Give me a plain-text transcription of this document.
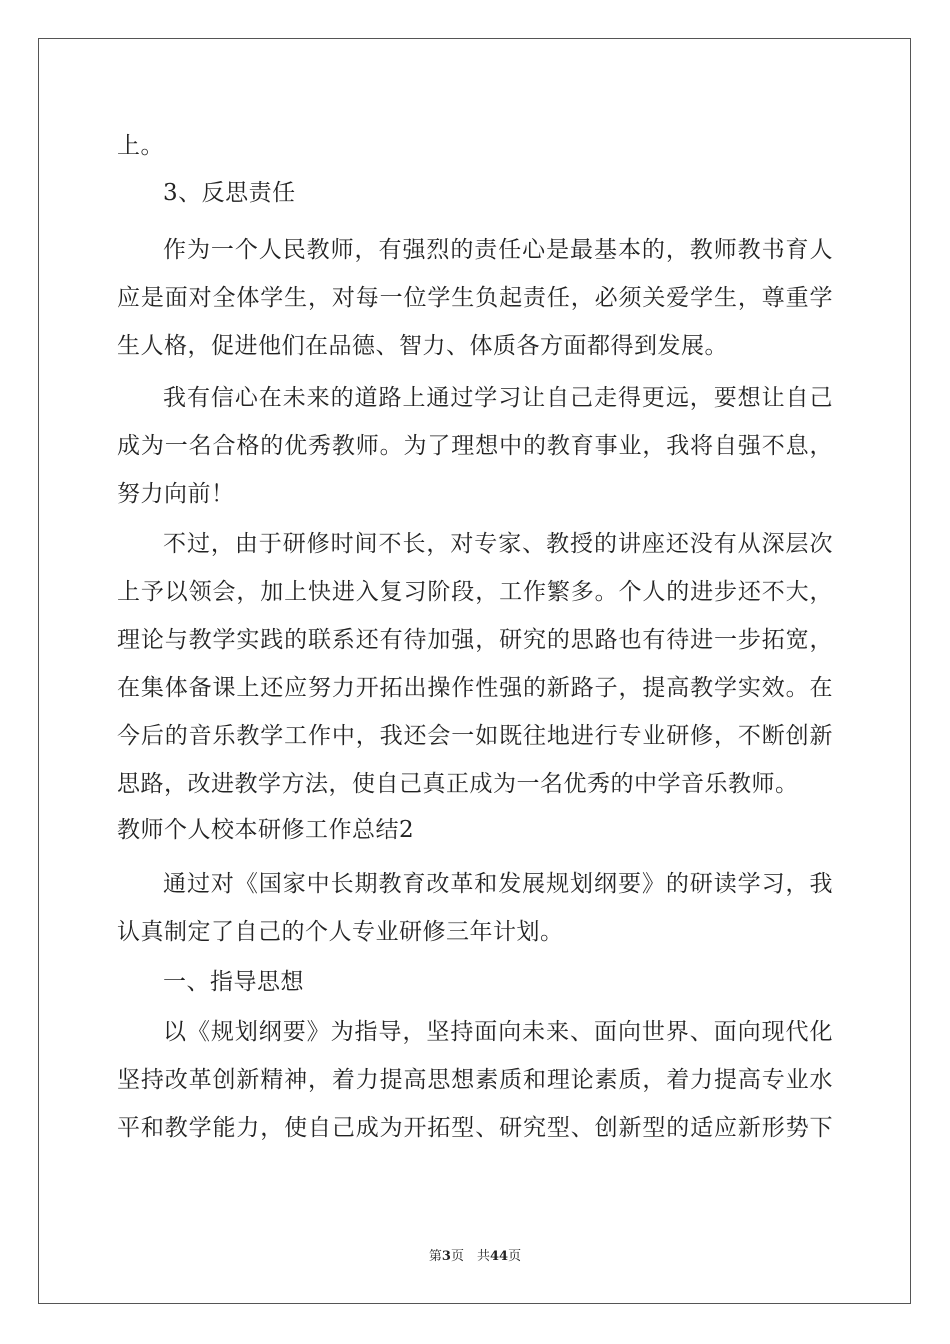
上。
3、反思责任
作为一个人民教师，有强烈的责任心是最基本的，教师教书育人
应是面对全体学生，对每一位学生负起责任，必须关爱学生，尊重学
生人格，促进他们在品德、智力、体质各方面都得到发展。
我有信心在未来的道路上通过学习让自己走得更远，要想让自己
成为一名合格的优秀教师。为了理想中的教育事业，我将自强不息，
努力向前！
不过，由于研修时间不长，对专家、教授的讲座还没有从深层次
上予以领会，加上快进入复习阶段，工作繁多。个人的进步还不大，
理论与教学实践的联系还有待加强，研究的思路也有待进一步拓宽，
在集体备课上还应努力开拓出操作性强的新路子，提高教学实效。在
今后的音乐教学工作中，我还会一如既往地进行专业研修，不断创新
思路，改进教学方法，使自己真正成为一名优秀的中学音乐教师。
教师个人校本研修工作总结2
通过对《国家中长期教育改革和发展规划纲要》的研读学习，我
认真制定了自己的个人专业研修三年计划。
一、指导思想
以《规划纲要》为指导，坚持面向未来、面向世界、面向现代化
坚持改革创新精神，着力提高思想素质和理论素质，着力提高专业水
平和教学能力，使自己成为开拓型、研究型、创新型的适应新形势下
第3页　共44页
